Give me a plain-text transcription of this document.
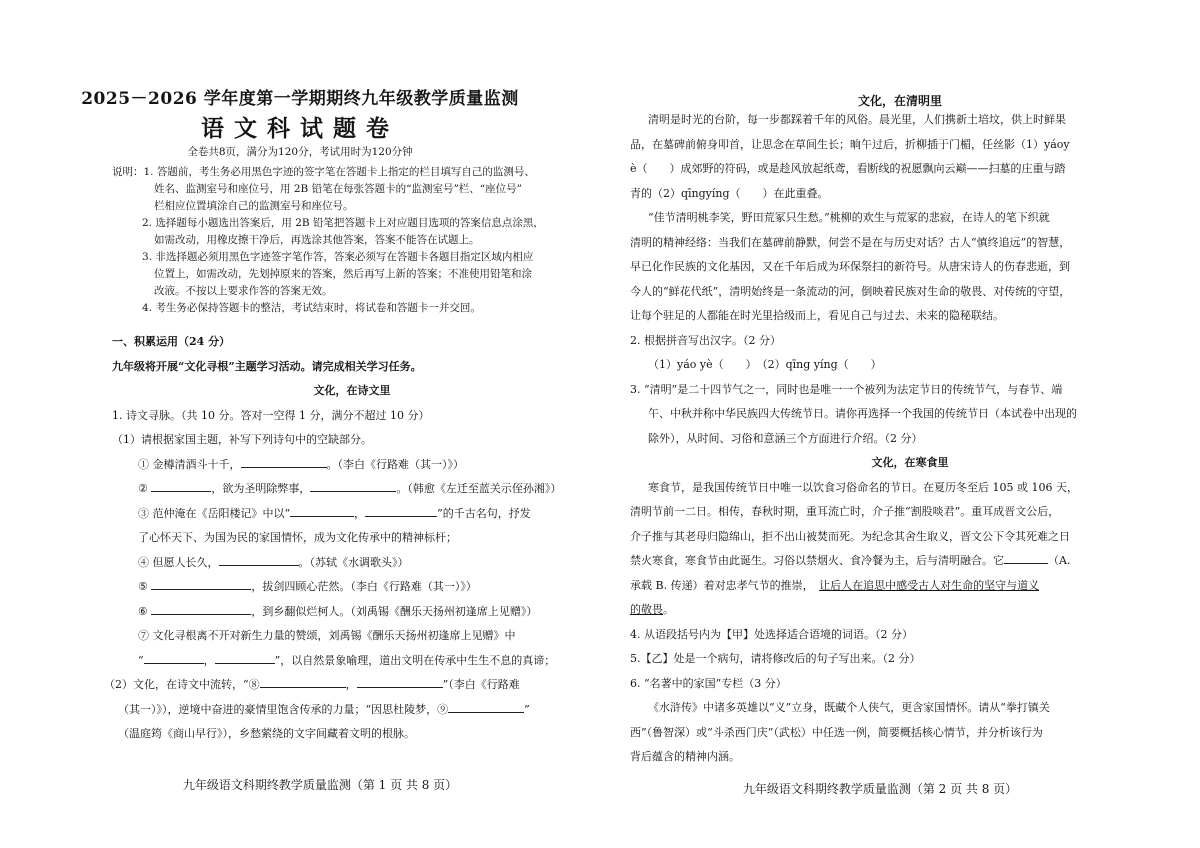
2025－2026 学年度第一学期期终九年级教学质量监测
语文科试题卷
全卷共8页，满分为120分，考试用时为120分钟
说明：1. 答题前，考生务必用黑色字迹的签字笔在答题卡上指定的栏目填写自己的监测号、
姓名、监测室号和座位号，用 2B 铅笔在每张答题卡的“监测室号”栏、“座位号”
栏相应位置填涂自己的监测室号和座位号。
2. 选择题每小题选出答案后，用 2B 铅笔把答题卡上对应题目选项的答案信息点涂黑，
如需改动，用橡皮擦干净后，再选涂其他答案，答案不能答在试题上。
3. 非选择题必须用黑色字迹签字笔作答，答案必须写在答题卡各题目指定区域内相应
位置上，如需改动，先划掉原来的答案，然后再写上新的答案；不准使用铅笔和涂
改液。不按以上要求作答的答案无效。
4. 考生务必保持答题卡的整洁，考试结束时，将试卷和答题卡一并交回。
一、积累运用（24 分）
九年级将开展“文化寻根”主题学习活动。请完成相关学习任务。
文化，在诗文里
1. 诗文寻脉。（共 10 分。答对一空得 1 分，满分不超过 10 分）
（1）请根据家国主题，补写下列诗句中的空缺部分。
① 金樽清酒斗十千，	。（李白《行路难（其一）》）
②	，欲为圣明除弊事，	。（韩愈《左迁至蓝关示侄孙湘》）
③ 范仲淹在《岳阳楼记》中以“	，	”的千古名句，抒发
了心怀天下、为国为民的家国情怀，成为文化传承中的精神标杆；
④ 但愿人长久，	。（苏轼《水调歌头》）
⑤	，拔剑四顾心茫然。（李白《行路难（其一）》）
⑥	，到乡翻似烂柯人。（刘禹锡《酬乐天扬州初逢席上见赠》）
⑦ 文化寻根离不开对新生力量的赞颂，刘禹锡《酬乐天扬州初逢席上见赠》中
“	，	”，以自然景象喻理，道出文明在传承中生生不息的真谛；
（2）文化，在诗文中流转，“⑧	，	”（李白《行路难
（其一）》），逆境中奋进的豪情里饱含传承的力量；“因思杜陵梦，⑨	”
（温庭筠《商山早行》），乡愁萦绕的文字间藏着文明的根脉。
九年级语文科期终教学质量监测（第 1 页 共 8 页）
文化，在清明里
清明是时光的台阶，每一步都踩着千年的风俗。晨光里，人们携新土培坟，供上时鲜果
品，在墓碑前俯身叩首，让思念在草间生长；晌午过后，折柳插于门楣，任丝影（1）yáoy
è（　　）成郊野的符码，或是趁风放起纸鸢，看断线的祝愿飘向云巅——扫墓的庄重与踏
青的（2）qīngyíng（　　）在此重叠。
“佳节清明桃李笑，野田荒冢只生愁。”桃柳的欢生与荒冢的悲寂，在诗人的笔下织就
清明的精神经络：当我们在墓碑前静默，何尝不是在与历史对话？古人“慎终追远”的智慧，
早已化作民族的文化基因，又在千年后成为环保祭扫的新符号。从唐宋诗人的伤春悲逝，到
今人的“鲜花代纸”，清明始终是一条流动的河，倒映着民族对生命的敬畏、对传统的守望，
让每个驻足的人都能在时光里拾级而上，看见自己与过去、未来的隐秘联结。
2. 根据拼音写出汉字。（2 分）
（1）yáo yè（　　）　（2）qīng yíng（　　）
3. “清明”是二十四节气之一，同时也是唯一一个被列为法定节日的传统节气，与春节、端
午、中秋并称中华民族四大传统节日。请你再选择一个我国的传统节日（本试卷中出现的
除外），从时间、习俗和意涵三个方面进行介绍。（2 分）
文化，在寒食里
寒食节，是我国传统节日中唯一以饮食习俗命名的节日。在夏历冬至后 105 或 106 天，
清明节前一二日。相传，春秋时期，重耳流亡时，介子推“割股啖君”。重耳成晋文公后，
介子推与其老母归隐绵山，拒不出山被焚而死。为纪念其舍生取义，晋文公下令其死难之日
禁火寒食，寒食节由此诞生。习俗以禁烟火、食冷餐为主，后与清明融合。它	（A.
承载 B. 传递）着对忠孝气节的推崇，　 让后人在追思中感受古人对生命的坚守与道义
的敬畏。
4. 从语段括号内为【甲】处选择适合语境的词语。（2 分）
5.【乙】处是一个病句，请将修改后的句子写出来。（2 分）
6. “名著中的家国”专栏（3 分）
《水浒传》中诸多英雄以“义”立身，既藏个人侠气，更含家国情怀。请从“拳打镇关
西”（鲁智深）或“斗杀西门庆”（武松）中任选一例，简要概括核心情节，并分析该行为
背后蕴含的精神内涵。
九年级语文科期终教学质量监测（第 2 页 共 8 页）
